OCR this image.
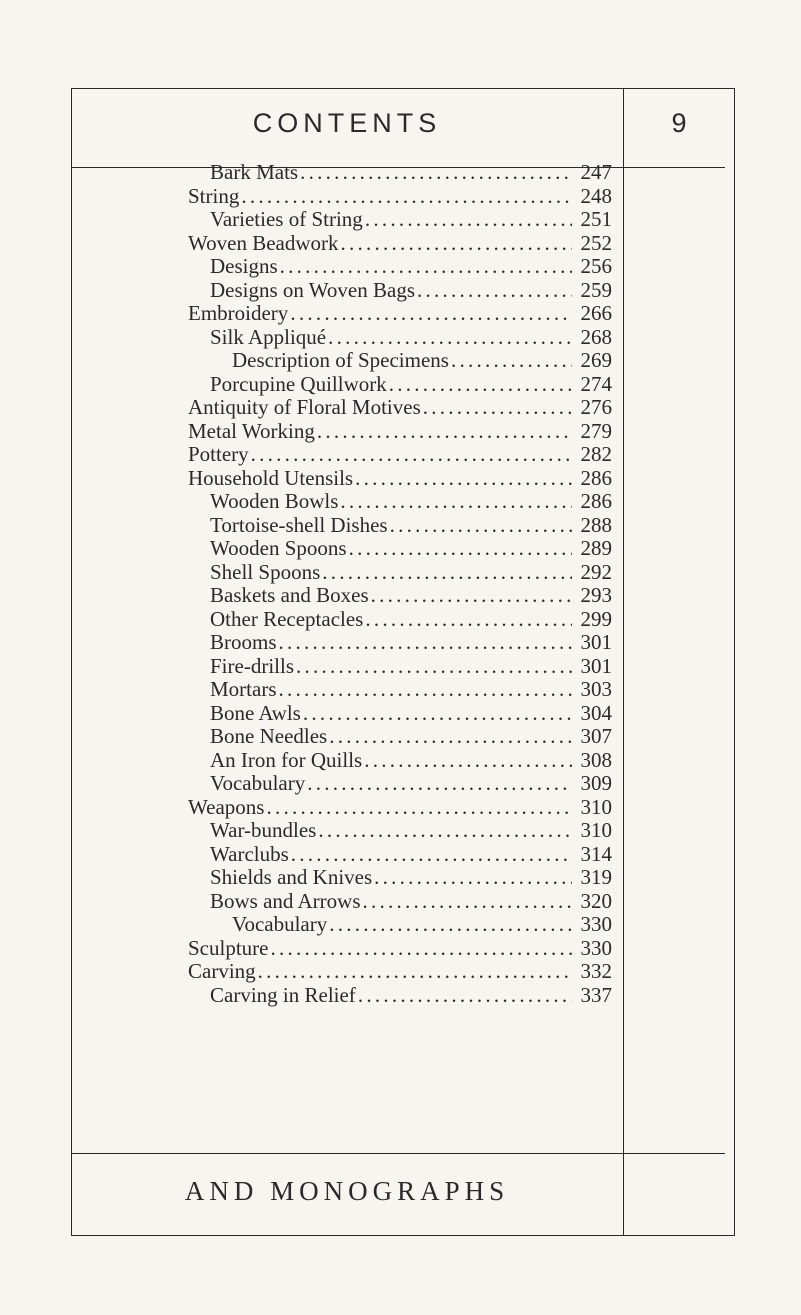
CONTENTS	9
Bark Mats . . .	247
String . . .	248
Varieties of String . . .	251
Woven Beadwork . . .	252
Designs . . .	256
Designs on Woven Bags . . .	259
Embroidery . . .	266
Silk Appliqué . . .	268
Description of Specimens . . .	269
Porcupine Quillwork . . .	274
Antiquity of Floral Motives . . .	276
Metal Working . . .	279
Pottery . . .	282
Household Utensils . . .	286
Wooden Bowls . . .	286
Tortoise-shell Dishes . . .	288
Wooden Spoons . . .	289
Shell Spoons . . .	292
Baskets and Boxes . . .	293
Other Receptacles . . .	299
Brooms . . .	301
Fire-drills . . .	301
Mortars . . .	303
Bone Awls . . .	304
Bone Needles . . .	307
An Iron for Quills . . .	308
Vocabulary . . .	309
Weapons . . .	310
War-bundles . . .	310
Warclubs . . .	314
Shields and Knives . . .	319
Bows and Arrows . . .	320
Vocabulary . . .	330
Sculpture . . .	330
Carving . . .	332
Carving in Relief . . .	337
AND MONOGRAPHS
